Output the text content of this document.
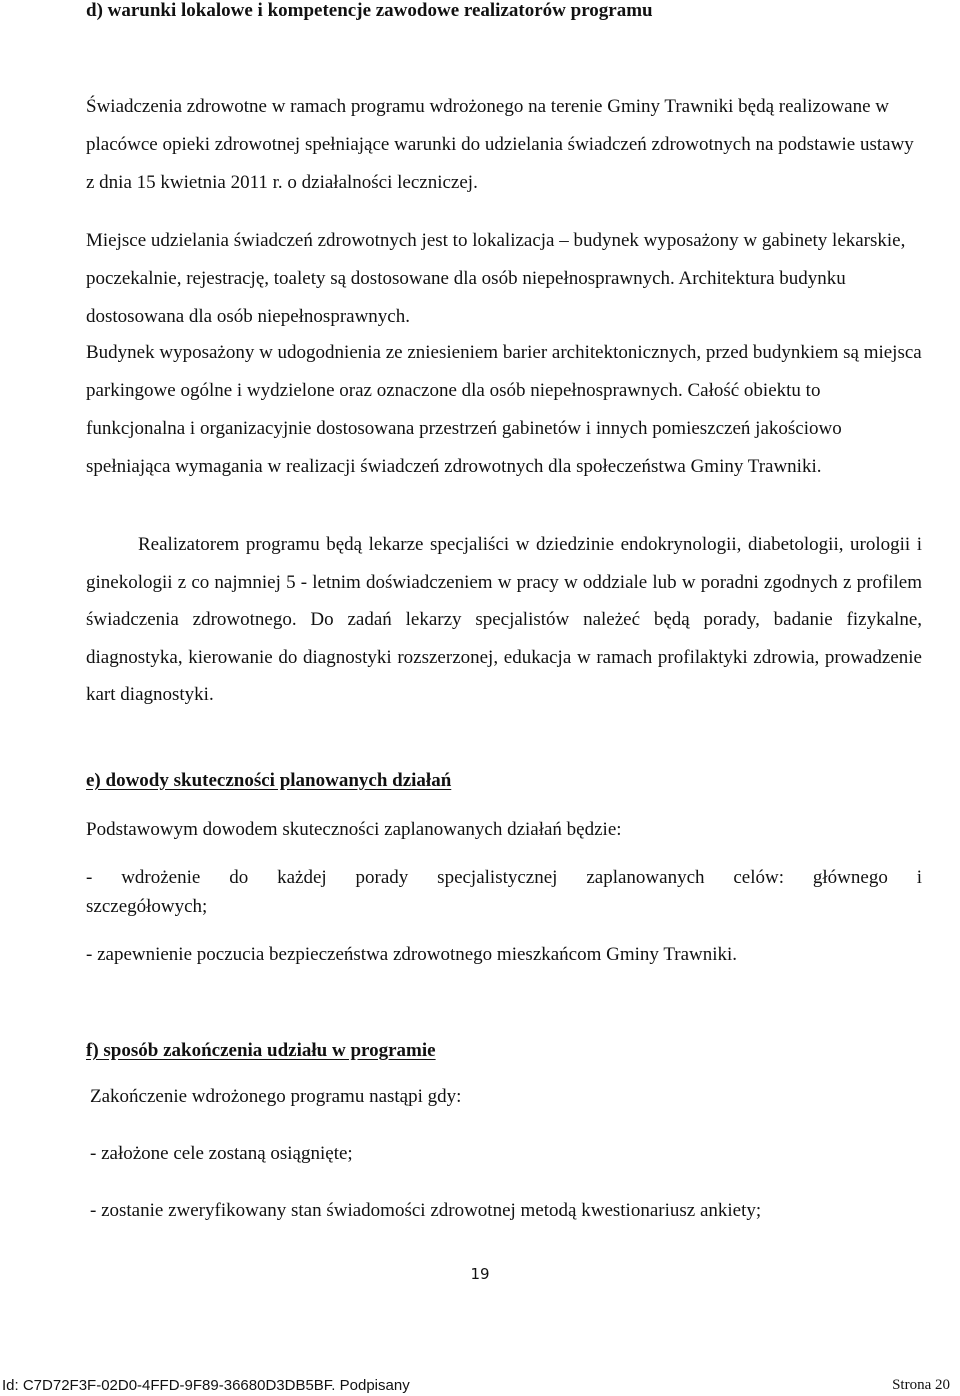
d) warunki lokalowe i kompetencje zawodowe realizatorów programu

Świadczenia zdrowotne w ramach programu wdrożonego na terenie Gminy Trawniki będą realizowane w placówce opieki zdrowotnej spełniające warunki do udzielania świadczeń zdrowotnych na podstawie ustawy z dnia 15 kwietnia 2011 r. o działalności leczniczej.

Miejsce udzielania świadczeń zdrowotnych jest to lokalizacja – budynek wyposażony w gabinety lekarskie, poczekalnie, rejestrację, toalety są dostosowane dla osób niepełnosprawnych. Architektura budynku dostosowana dla osób niepełnosprawnych.

Budynek wyposażony w udogodnienia ze zniesieniem barier architektonicznych, przed budynkiem są miejsca parkingowe ogólne i wydzielone oraz oznaczone dla osób niepełnosprawnych. Całość obiektu to funkcjonalna i organizacyjnie dostosowana przestrzeń gabinetów i innych pomieszczeń jakościowo spełniająca wymagania w realizacji świadczeń zdrowotnych dla społeczeństwa Gminy Trawniki.

Realizatorem programu będą lekarze specjaliści w dziedzinie endokrynologii, diabetologii, urologii i ginekologii z co najmniej 5 - letnim doświadczeniem w pracy w oddziale lub w poradni zgodnych z profilem świadczenia zdrowotnego. Do zadań lekarzy specjalistów należeć będą porady, badanie fizykalne, diagnostyka, kierowanie do diagnostyki rozszerzonej, edukacja w ramach profilaktyki zdrowia, prowadzenie kart diagnostyki.

e) dowody skuteczności planowanych działań
Podstawowym dowodem skuteczności zaplanowanych działań będzie:
- wdrożenie do każdej porady specjalistycznej zaplanowanych celów: głównego i
szczegółowych;
- zapewnienie poczucia bezpieczeństwa zdrowotnego mieszkańcom Gminy Trawniki.
f) sposób zakończenia udziału w programie
Zakończenie wdrożonego programu nastąpi gdy:
- założone cele zostaną osiągnięte;
- zostanie zweryfikowany stan świadomości zdrowotnej metodą kwestionariusz ankiety;
19
Id: C7D72F3F-02D0-4FFD-9F89-36680D3DB5BF. Podpisany	Strona 20
